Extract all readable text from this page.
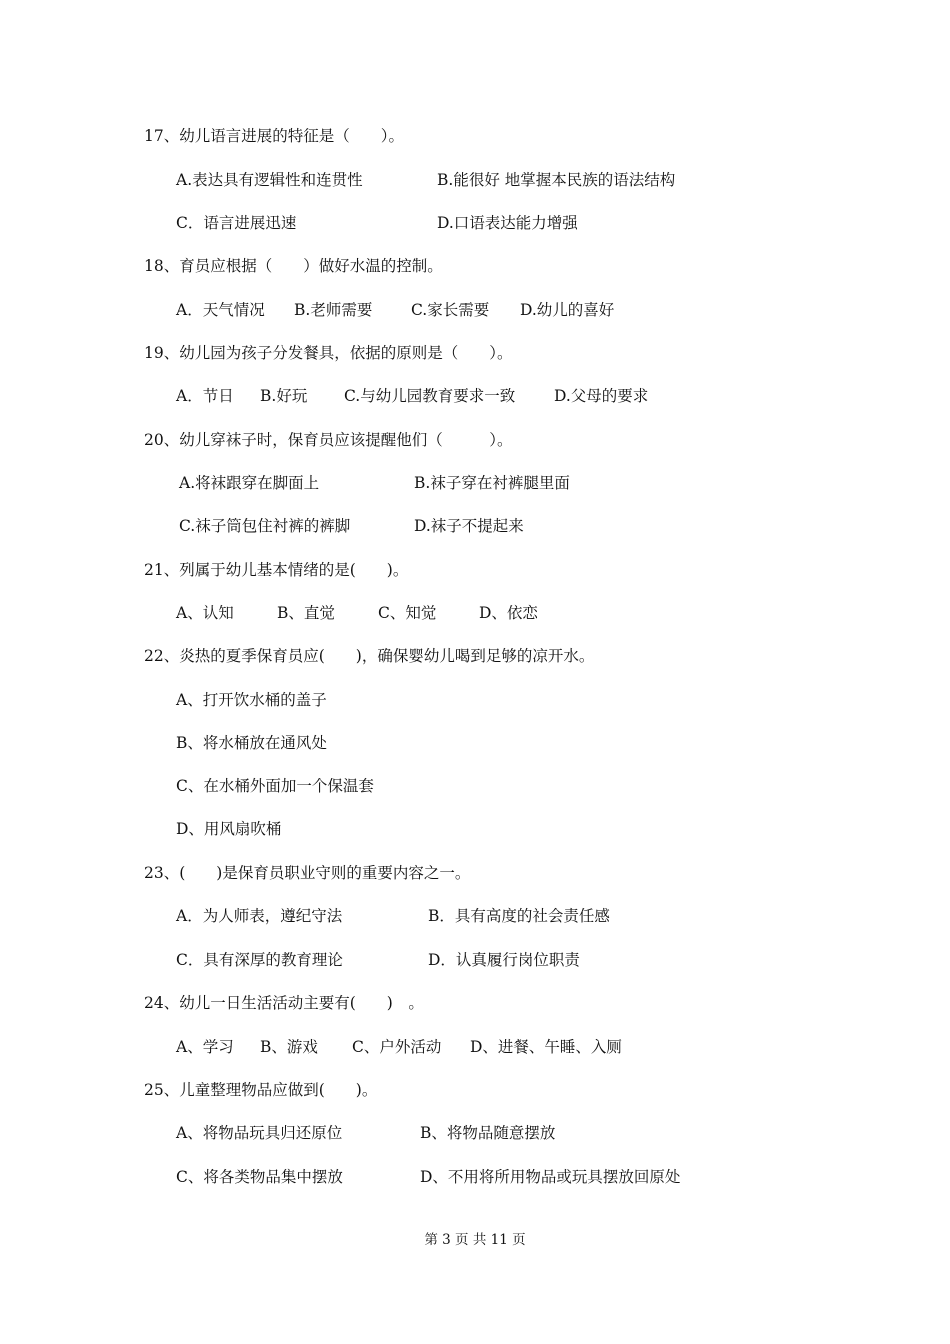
17、幼儿语言进展的特征是（　　）。
A.表达具有逻辑性和连贯性	B.能很好 地掌握本民族的语法结构
C．语言进展迅速	D.口语表达能力增强
18、育员应根据（　　）做好水温的控制。
A．天气情况 B.老师需要 C.家长需要 D.幼儿的喜好
19、幼儿园为孩子分发餐具，依据的原则是（　　）。
A．节日 B.好玩 C.与幼儿园教育要求一致	D.父母的要求
20、幼儿穿袜子时，保育员应该提醒他们（　　　）。
A.将袜跟穿在脚面上	B.袜子穿在衬裤腿里面
C.袜子筒包住衬裤的裤脚	D.袜子不提起来
21、列属于幼儿基本情绪的是(　　)。
A、认知	B、直觉	C、知觉	D、依恋
22、炎热的夏季保育员应(　　)，确保婴幼儿喝到足够的凉开水。
A、打开饮水桶的盖子
B、将水桶放在通风处
C、在水桶外面加一个保温套
D、用风扇吹桶
23、(　　)是保育员职业守则的重要内容之一。
A．为人师表，遵纪守法	B．具有高度的社会责任感
C．具有深厚的教育理论	D．认真履行岗位职责
24、幼儿一日生活活动主要有(　　)　。
A、学习 B、游戏 C、户外活动 D、进餐、午睡、入厕
25、儿童整理物品应做到(　　)。
A、将物品玩具归还原位	B、将物品随意摆放
C、将各类物品集中摆放	D、不用将所用物品或玩具摆放回原处
第 3 页 共 11 页
